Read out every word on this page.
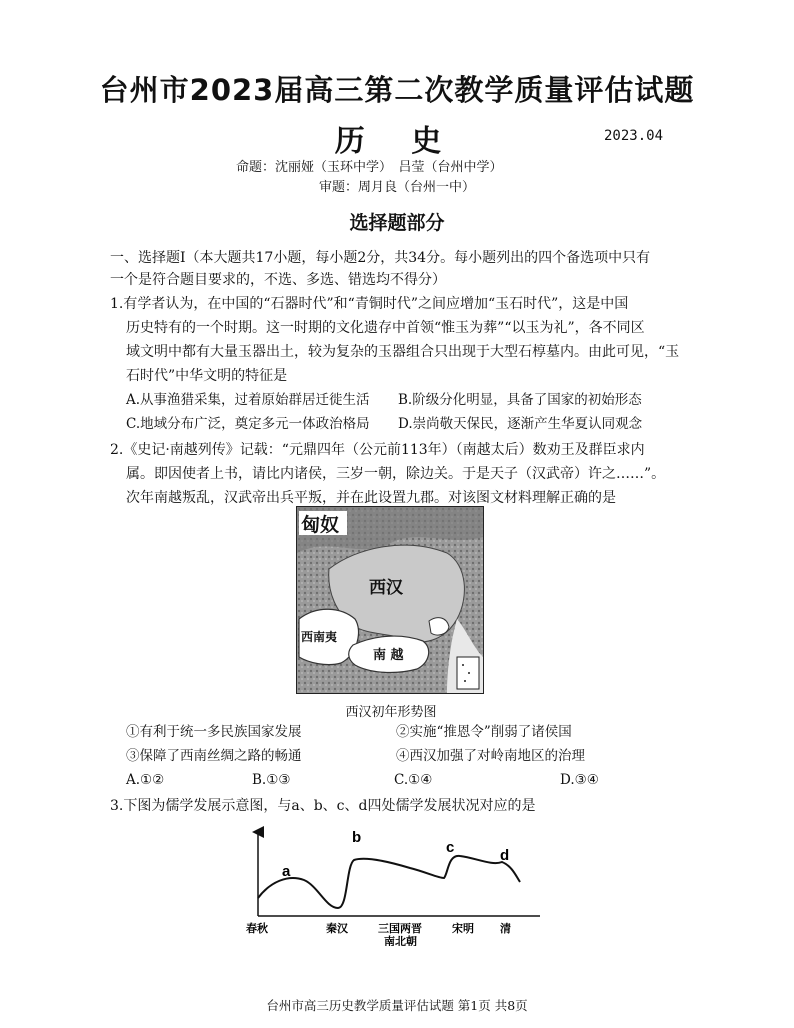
台州市2023届高三第二次教学质量评估试题
历 史	2023.04
命题：沈丽娅（玉环中学）　吕莹（台州中学）
审题：周月良（台州一中）
选择题部分
一、选择题Ⅰ（本大题共17小题，每小题2分，共34分。每小题列出的四个备选项中只有
一个是符合题目要求的，不选、多选、错选均不得分）
1.有学者认为，在中国的“石器时代”和“青铜时代”之间应增加“玉石时代”，这是中国
历史特有的一个时期。这一时期的文化遗存中首领“惟玉为葬”“以玉为礼”，各不同区
域文明中都有大量玉器出土，较为复杂的玉器组合只出现于大型石椁墓内。由此可见，“玉
石时代”中华文明的特征是
A.从事渔猎采集，过着原始群居迁徙生活 B.阶级分化明显，具备了国家的初始形态
C.地域分布广泛，奠定多元一体政治格局 D.崇尚敬天保民，逐渐产生华夏认同观念
2.《史记·南越列传》记载：“元鼎四年（公元前113年）（南越太后）数劝王及群臣求内
属。即因使者上书，请比内诸侯，三岁一朝，除边关。于是天子（汉武帝）许之……”。
次年南越叛乱，汉武帝出兵平叛，并在此设置九郡。对该图文材料理解正确的是
匈奴
西汉
西南夷
南 越
西汉初年形势图
①有利于统一多民族国家发展	②实施“推恩令”削弱了诸侯国
③保障了西南丝绸之路的畅通	④西汉加强了对岭南地区的治理
A.①②	B.①③	C.①④	D.③④
3.下图为儒学发展示意图，与a、b、c、d四处儒学发展状况对应的是
a
b
c	d
春秋	秦汉	三国两晋
南北朝
宋明 清
台州市高三历史教学质量评估试题 第1页 共8页
